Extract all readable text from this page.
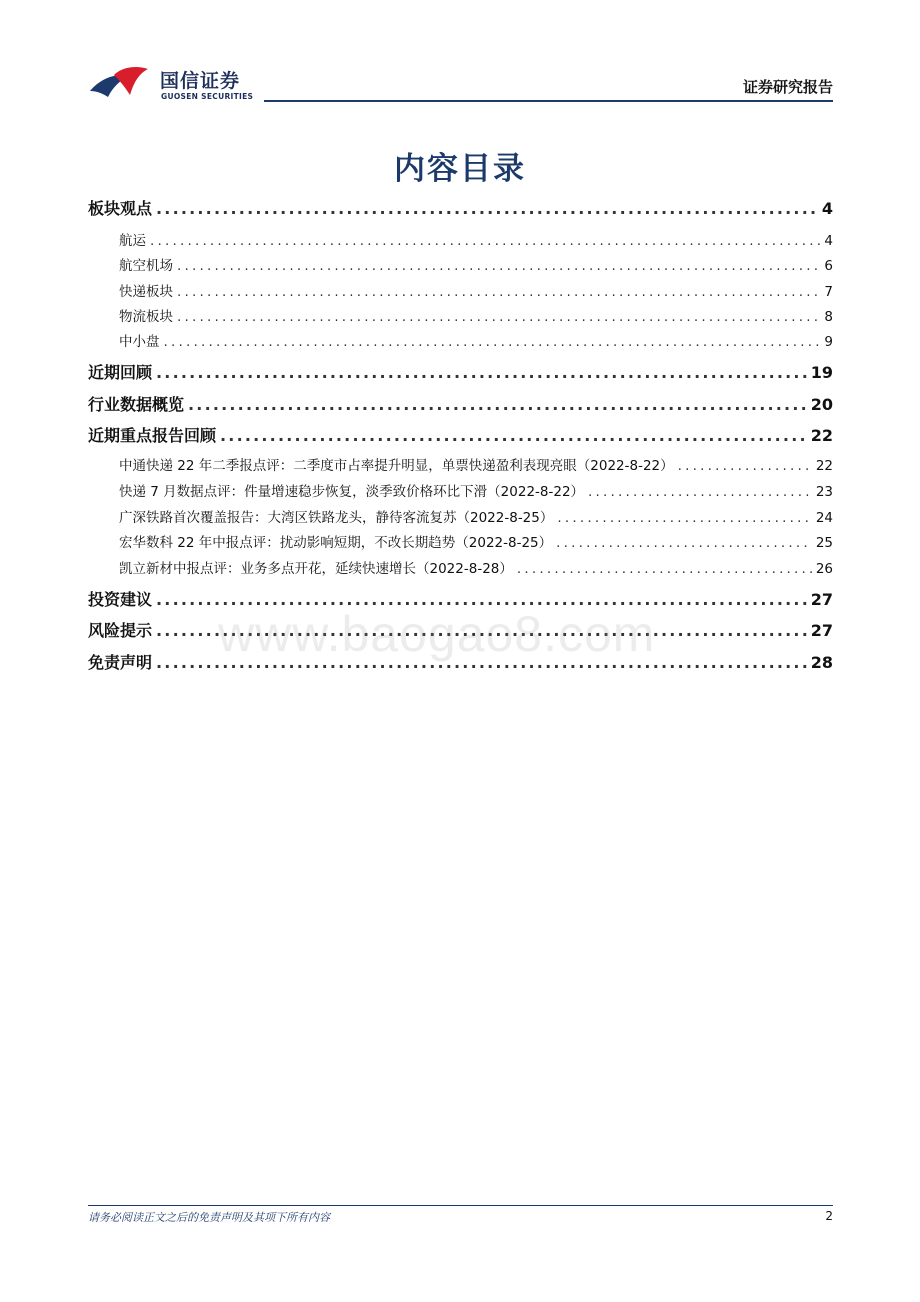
国信证券
GUOSEN SECURITIES
证券研究报告
内容目录
板块观点 .....	4
航运 .....	4
航空机场 .....	6
快递板块 .....	7
物流板块 .....	8
中小盘 .....	9
近期回顾 .....	19
行业数据概览 .....	20
近期重点报告回顾 .....	22
中通快递 22 年二季报点评：二季度市占率提升明显，单票快递盈利表现亮眼（2022-8-22） .....	22
快递 7 月数据点评：件量增速稳步恢复，淡季致价格环比下滑（2022-8-22） .....	23
广深铁路首次覆盖报告：大湾区铁路龙头，静待客流复苏（2022-8-25） .....	24
宏华数科 22 年中报点评：扰动影响短期，不改长期趋势（2022-8-25） .....	25
凯立新材中报点评：业务多点开花，延续快速增长（2022-8-28） .....	26
投资建议 .....	27
风险提示 .....	27
免责声明 .....	28
www.baogao8.com
请务必阅读正文之后的免责声明及其项下所有内容	2
